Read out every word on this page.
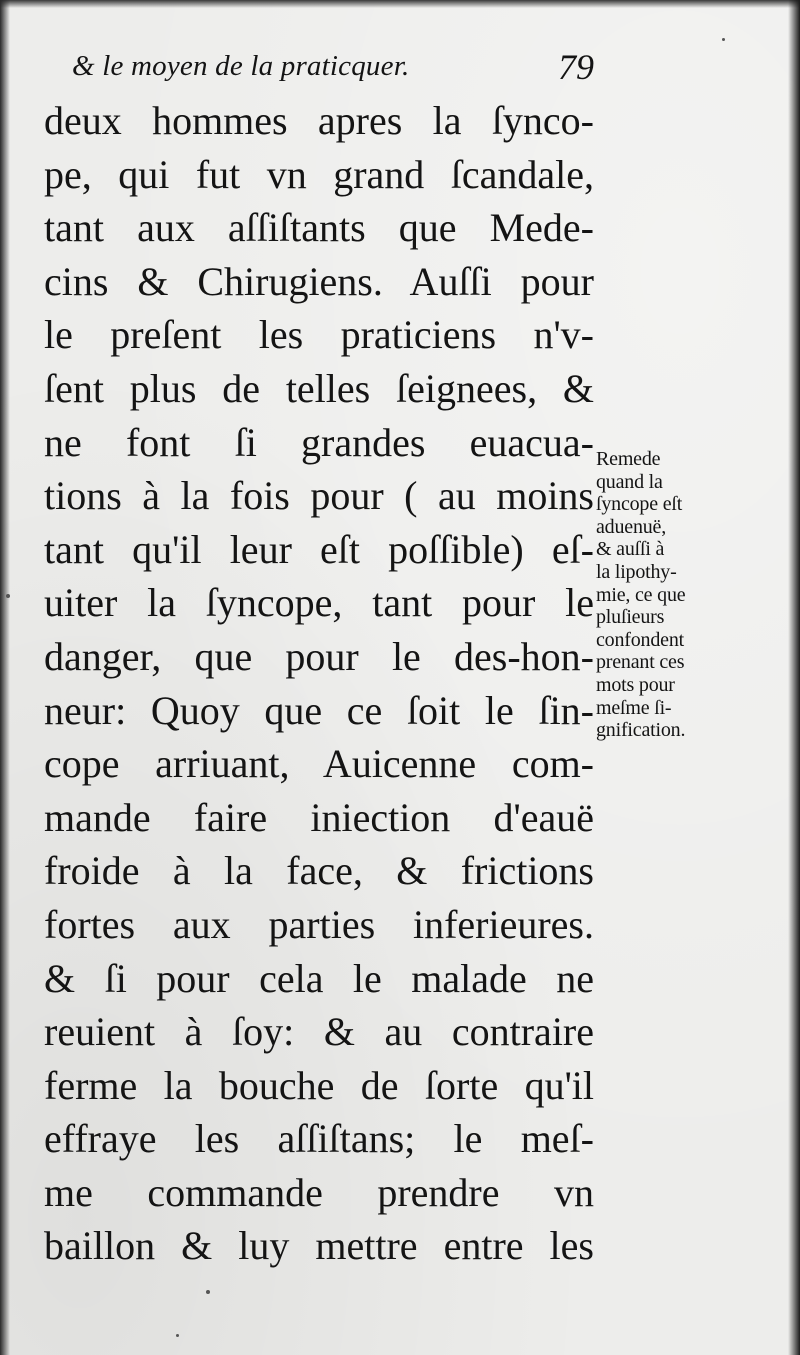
& le moyen de la praticquer.	79
deux hommes apres la ſynco-
pe, qui fut vn grand ſcandale,
tant aux aſſiſtants que Mede-
cins & Chirugiens. Auſſi pour
le preſent les praticiens n'v-
ſent plus de telles ſeignees, &
ne font ſi grandes euacua-
tions à la fois pour ( au moins
tant qu'il leur eſt poſſible) eſ-
uiter la ſyncope, tant pour le
danger, que pour le des-hon-
neur: Quoy que ce ſoit le ſin-
cope arriuant, Auicenne com-
mande faire iniection d'eauë
froide à la face, & frictions
fortes aux parties inferieures.
& ſi pour cela le malade ne
reuient à ſoy: & au contraire
ferme la bouche de ſorte qu'il
effraye les aſſiſtans; le meſ-
me commande prendre vn
baillon & luy mettre entre les
Remede
quand la
ſyncope eſt
aduenuë,
& auſſi à
la lipothy-
mie, ce que
pluſieurs
confondent
prenant ces
mots pour
meſme ſi-
gnification.
